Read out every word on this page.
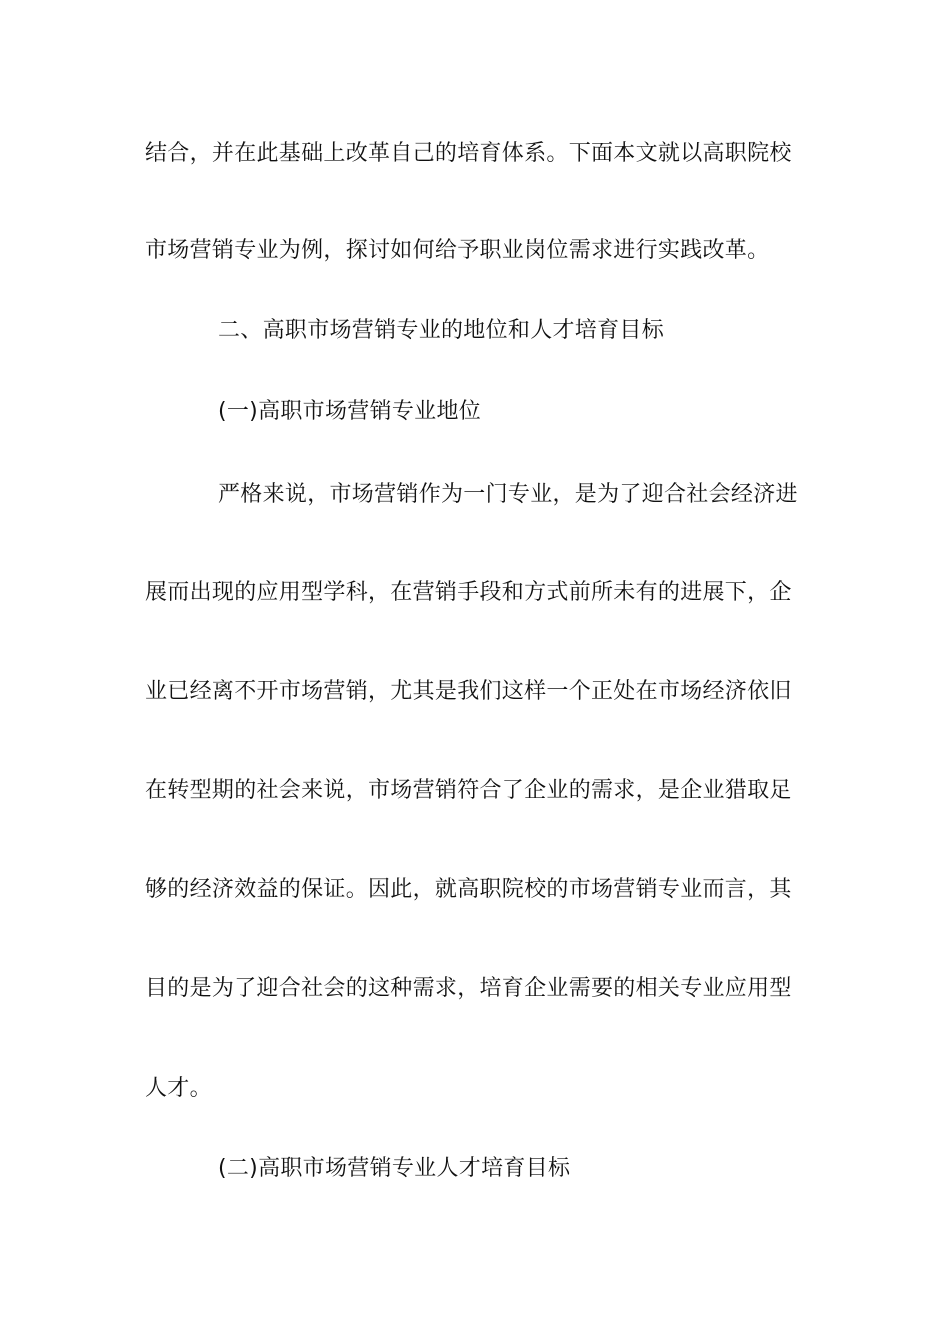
结合，并在此基础上改革自己的培育体系。下面本文就以高职院校
市场营销专业为例，探讨如何给予职业岗位需求进行实践改革。
二、高职市场营销专业的地位和人才培育目标
(一)高职市场营销专业地位
严格来说，市场营销作为一门专业，是为了迎合社会经济进
展而出现的应用型学科，在营销手段和方式前所未有的进展下，企
业已经离不开市场营销，尤其是我们这样一个正处在市场经济依旧
在转型期的社会来说，市场营销符合了企业的需求，是企业猎取足
够的经济效益的保证。因此，就高职院校的市场营销专业而言，其
目的是为了迎合社会的这种需求，培育企业需要的相关专业应用型
人才。
(二)高职市场营销专业人才培育目标
